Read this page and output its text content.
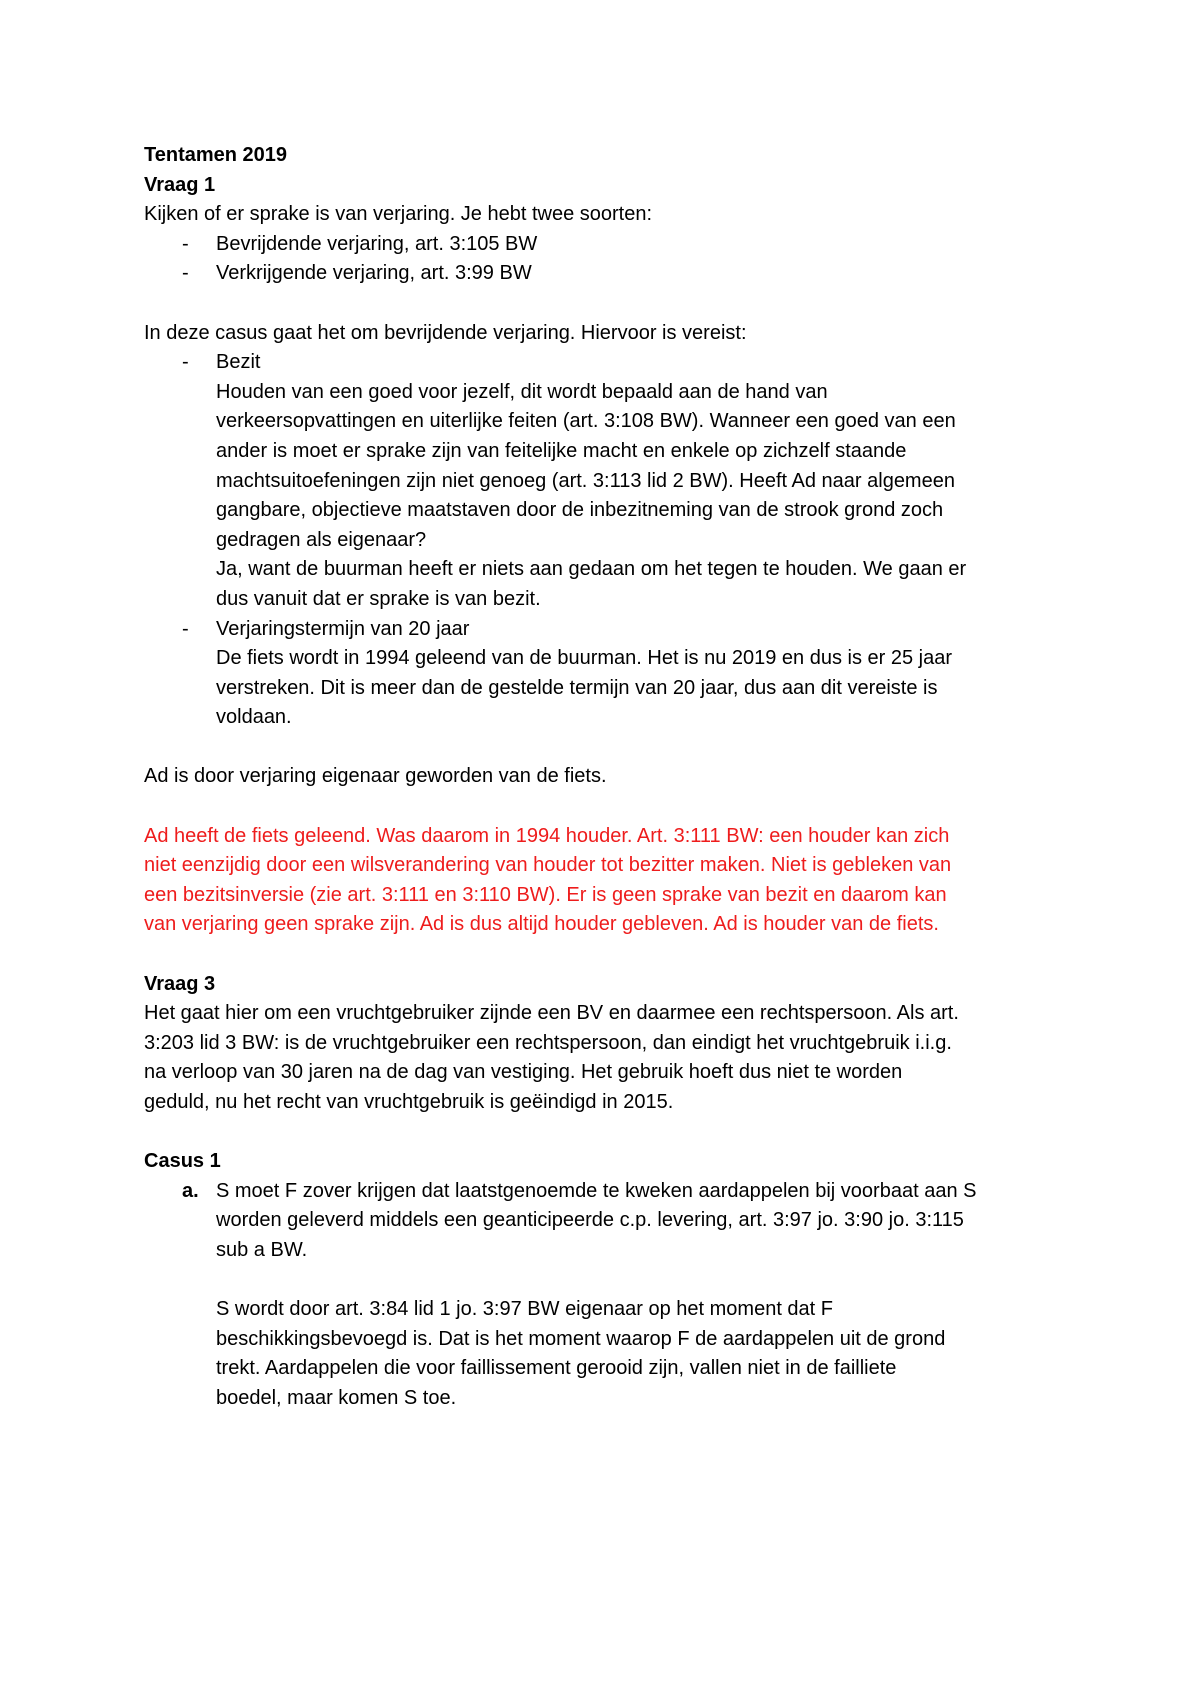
Tentamen 2019

Vraag 1

Kijken of er sprake is van verjaring. Je hebt twee soorten:

- Bevrijdende verjaring, art. 3:105 BW
- Verkrijgende verjaring, art. 3:99 BW

In deze casus gaat het om bevrijdende verjaring. Hiervoor is vereist:

- Bezit

Houden van een goed voor jezelf, dit wordt bepaald aan de hand van

verkeersopvattingen en uiterlijke feiten (art. 3:108 BW). Wanneer een goed van een

ander is moet er sprake zijn van feitelijke macht en enkele op zichzelf staande

machtsuitoefeningen zijn niet genoeg (art. 3:113 lid 2 BW). Heeft Ad naar algemeen

gangbare, objectieve maatstaven door de inbezitneming van de strook grond zoch

gedragen als eigenaar?

Ja, want de buurman heeft er niets aan gedaan om het tegen te houden. We gaan er

dus vanuit dat er sprake is van bezit.

- Verjaringstermijn van 20 jaar

De fiets wordt in 1994 geleend van de buurman. Het is nu 2019 en dus is er 25 jaar

verstreken. Dit is meer dan de gestelde termijn van 20 jaar, dus aan dit vereiste is

voldaan.

Ad is door verjaring eigenaar geworden van de fiets.

Ad heeft de fiets geleend. Was daarom in 1994 houder. Art. 3:111 BW: een houder kan zich

niet eenzijdig door een wilsverandering van houder tot bezitter maken. Niet is gebleken van

een bezitsinversie (zie art. 3:111 en 3:110 BW). Er is geen sprake van bezit en daarom kan

van verjaring geen sprake zijn. Ad is dus altijd houder gebleven. Ad is houder van de fiets.

Vraag 3

Het gaat hier om een vruchtgebruiker zijnde een BV en daarmee een rechtspersoon. Als art.

3:203 lid 3 BW: is de vruchtgebruiker een rechtspersoon, dan eindigt het vruchtgebruik i.i.g.

na verloop van 30 jaren na de dag van vestiging. Het gebruik hoeft dus niet te worden

geduld, nu het recht van vruchtgebruik is geëindigd in 2015.

Casus 1

a. S moet F zover krijgen dat laatstgenoemde te kweken aardappelen bij voorbaat aan S

worden geleverd middels een geanticipeerde c.p. levering, art. 3:97 jo. 3:90 jo. 3:115

sub a BW.

S wordt door art. 3:84 lid 1 jo. 3:97 BW eigenaar op het moment dat F

beschikkingsbevoegd is. Dat is het moment waarop F de aardappelen uit de grond

trekt. Aardappelen die voor faillissement gerooid zijn, vallen niet in de failliete

boedel, maar komen S toe.
